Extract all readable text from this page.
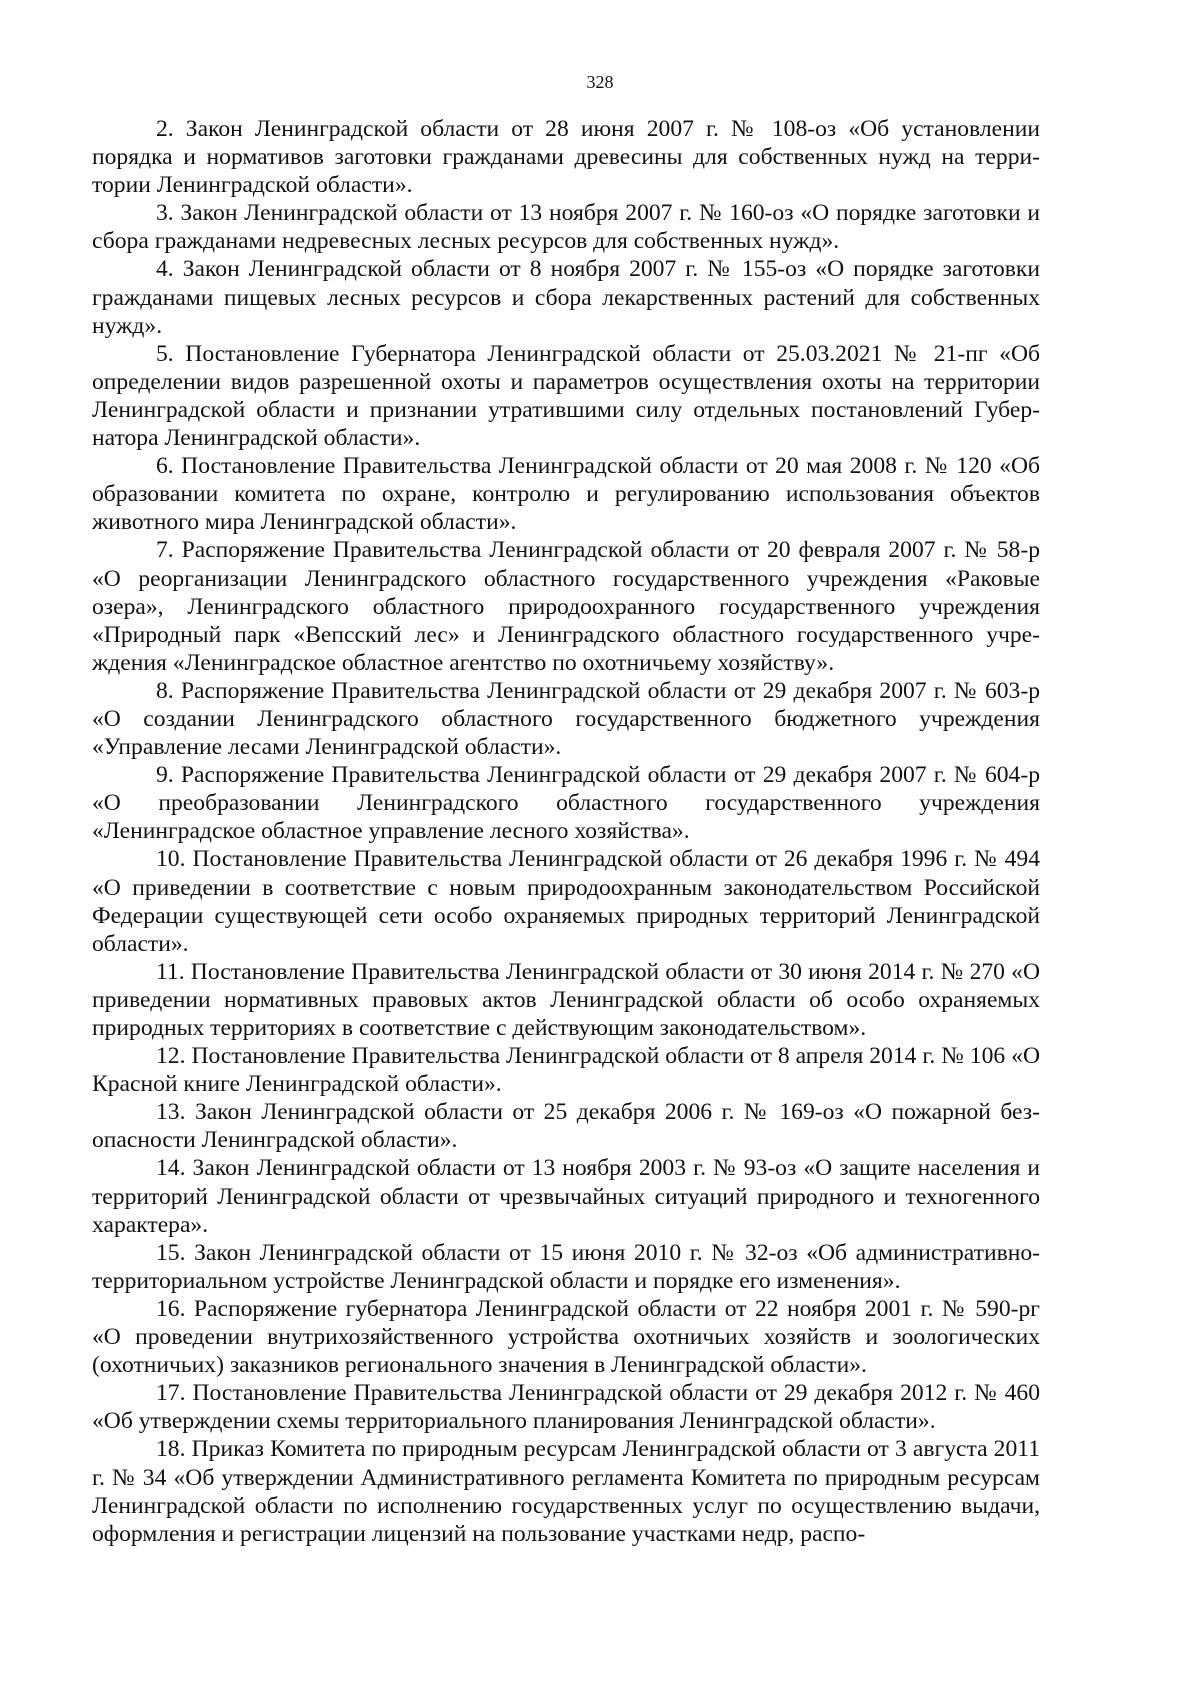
328

2. Закон Ленинградской области от 28 июня 2007 г. № 108-оз «Об установлении порядка и нормативов заготовки гражданами древесины для собственных нужд на территории Ленинградской области».

3. Закон Ленинградской области от 13 ноября 2007 г. № 160-оз «О порядке заготовки и сбора гражданами недревесных лесных ресурсов для собственных нужд».

4. Закон Ленинградской области от 8 ноября 2007 г. № 155-оз «О порядке заготовки гражданами пищевых лесных ресурсов и сбора лекарственных растений для собственных нужд».

5. Постановление Губернатора Ленинградской области от 25.03.2021 № 21-пг «Об определении видов разрешенной охоты и параметров осуществления охоты на территории Ленинградской области и признании утратившими силу отдельных постановлений Губернатора Ленинградской области».

6. Постановление Правительства Ленинградской области от 20 мая 2008 г. № 120 «Об образовании комитета по охране, контролю и регулированию использования объектов животного мира Ленинградской области».

7. Распоряжение Правительства Ленинградской области от 20 февраля 2007 г. № 58-р «О реорганизации Ленинградского областного государственного учреждения «Раковые озера», Ленинградского областного природоохранного государственного учреждения «Природный парк «Вепсский лес» и Ленинградского областного государственного учреждения «Ленинградское областное агентство по охотничьему хозяйству».

8. Распоряжение Правительства Ленинградской области от 29 декабря 2007 г. № 603-р «О создании Ленинградского областного государственного бюджетного учреждения «Управление лесами Ленинградской области».

9. Распоряжение Правительства Ленинградской области от 29 декабря 2007 г. № 604-р «О преобразовании Ленинградского областного государственного учреждения «Ленинградское областное управление лесного хозяйства».

10. Постановление Правительства Ленинградской области от 26 декабря 1996 г. № 494 «О приведении в соответствие с новым природоохранным законодательством Российской Федерации существующей сети особо охраняемых природных территорий Ленинградской области».

11. Постановление Правительства Ленинградской области от 30 июня 2014 г. № 270 «О приведении нормативных правовых актов Ленинградской области об особо охраняемых природных территориях в соответствие с действующим законодательством».

12. Постановление Правительства Ленинградской области от 8 апреля 2014 г. № 106 «О Красной книге Ленинградской области».

13. Закон Ленинградской области от 25 декабря 2006 г. № 169-оз «О пожарной безопасности Ленинградской области».

14. Закон Ленинградской области от 13 ноября 2003 г. № 93-оз «О защите населения и территорий Ленинградской области от чрезвычайных ситуаций природного и техногенного характера».

15. Закон Ленинградской области от 15 июня 2010 г. № 32-оз «Об административно-территориальном устройстве Ленинградской области и порядке его изменения».

16. Распоряжение губернатора Ленинградской области от 22 ноября 2001 г. № 590-рг «О проведении внутрихозяйственного устройства охотничьих хозяйств и зоологических (охотничьих) заказников регионального значения в Ленинградской области».

17. Постановление Правительства Ленинградской области от 29 декабря 2012 г. № 460 «Об утверждении схемы территориального планирования Ленинградской области».

18. Приказ Комитета по природным ресурсам Ленинградской области от 3 августа 2011 г. № 34 «Об утверждении Административного регламента Комитета по природным ресурсам Ленинградской области по исполнению государственных услуг по осуществлению выдачи, оформления и регистрации лицензий на пользование участками недр, распо-
